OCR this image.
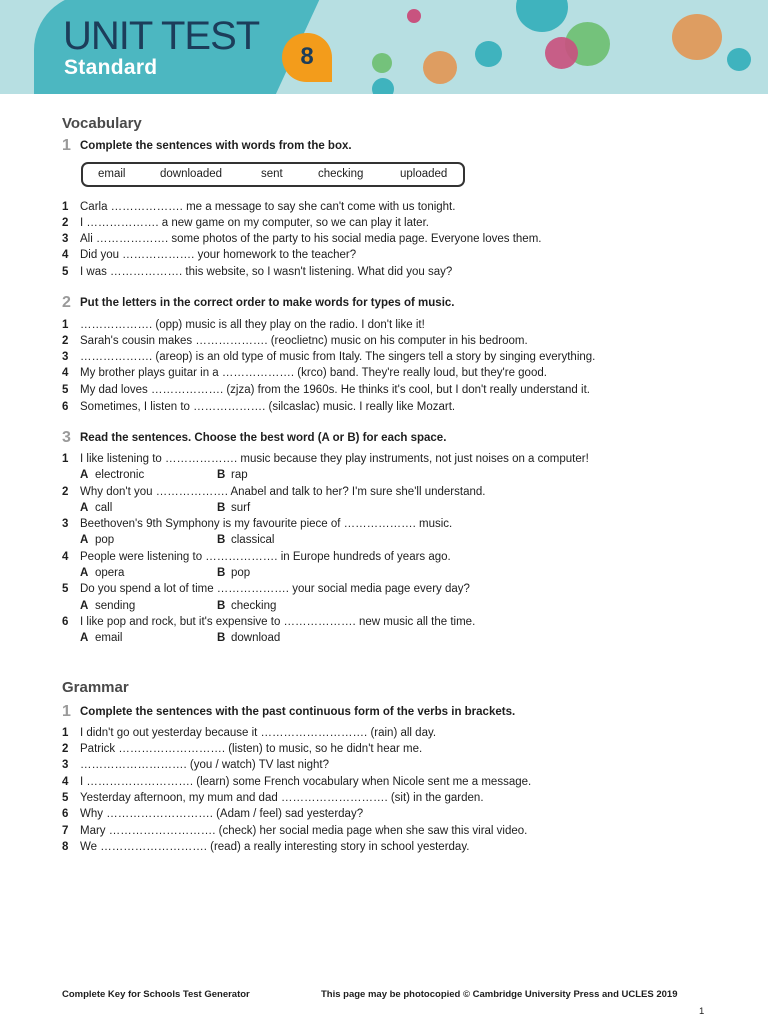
UNIT TEST
Standard	8
Vocabulary
1 Complete the sentences with words from the box.
email	downloaded	sent	checking	uploaded
1 Carla ………………. me a message to say she can't come with us tonight.
2 I ………………. a new game on my computer, so we can play it later.
3 Ali ………………. some photos of the party to his social media page. Everyone loves them.
4 Did you ………………. your homework to the teacher?
5 I was ………………. this website, so I wasn't listening. What did you say?
2 Put the letters in the correct order to make words for types of music.
1 ………………. (opp) music is all they play on the radio. I don't like it!
2 Sarah's cousin makes ………………. (reoclietnc) music on his computer in his bedroom.
3 ………………. (areop) is an old type of music from Italy. The singers tell a story by singing everything.
4 My brother plays guitar in a ………………. (krco) band. They're really loud, but they're good.
5 My dad loves ………………. (zjza) from the 1960s. He thinks it's cool, but I don't really understand it.
6 Sometimes, I listen to ………………. (silcaslac) music. I really like Mozart.
3 Read the sentences. Choose the best word (A or B) for each space.
1 I like listening to ………………. music because they play instruments, not just noises on a computer!
A electronic	B rap
2 Why don't you ………………. Anabel and talk to her? I'm sure she'll understand.
A call	B surf
3 Beethoven's 9th Symphony is my favourite piece of ………………. music.
A pop	B classical
4 People were listening to ………………. in Europe hundreds of years ago.
A opera	B pop
5 Do you spend a lot of time ………………. your social media page every day?
A sending	B checking
6 I like pop and rock, but it's expensive to ………………. new music all the time.
A email	B download
Grammar
1 Complete the sentences with the past continuous form of the verbs in brackets.
1 I didn't go out yesterday because it ………………………. (rain) all day.
2 Patrick ………………………. (listen) to music, so he didn't hear me.
3 ………………………. (you / watch) TV last night?
4 I ………………………. (learn) some French vocabulary when Nicole sent me a message.
5 Yesterday afternoon, my mum and dad ………………………. (sit) in the garden.
6 Why ………………………. (Adam / feel) sad yesterday?
7 Mary ………………………. (check) her social media page when she saw this viral video.
8 We ………………………. (read) a really interesting story in school yesterday.
Complete Key for Schools Test Generator	This page may be photocopied © Cambridge University Press and UCLES 2019
1
